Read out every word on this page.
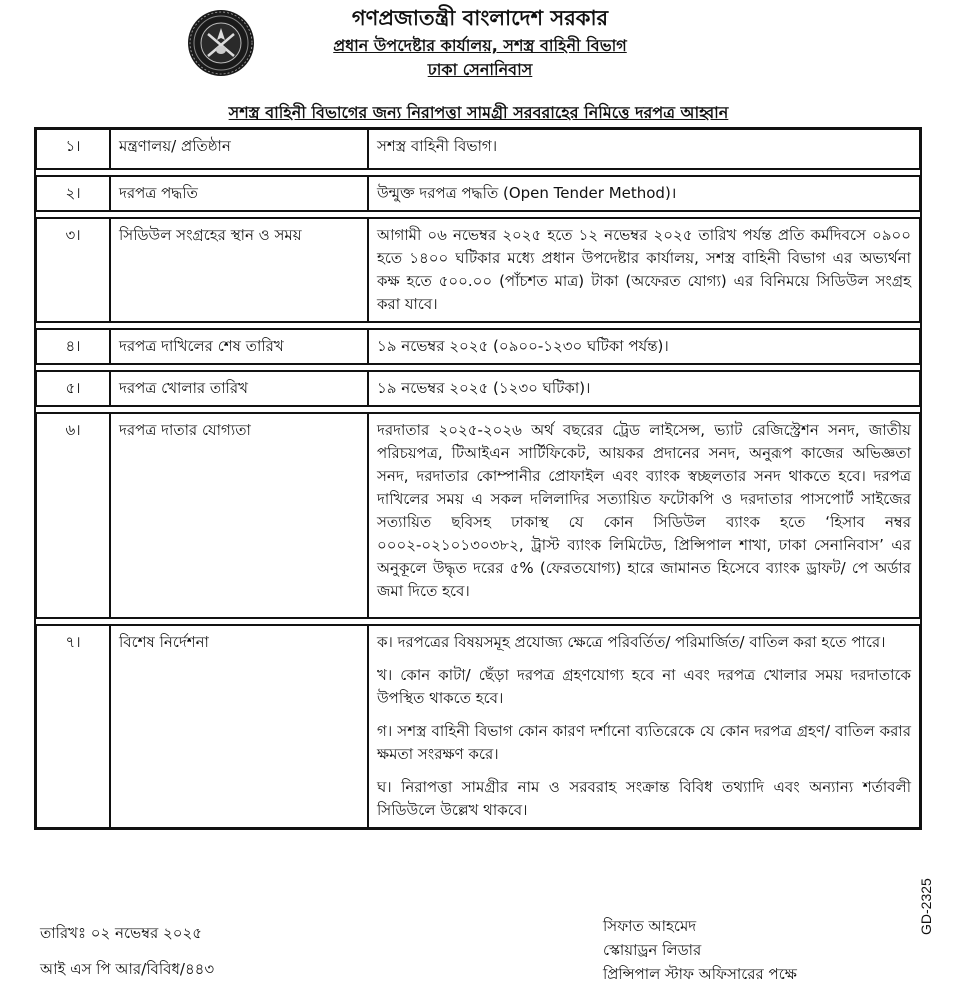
গণপ্রজাতন্ত্রী বাংলাদেশ সরকার
প্রধান উপদেষ্টার কার্যালয়, সশস্ত্র বাহিনী বিভাগ
ঢাকা সেনানিবাস
সশস্ত্র বাহিনী বিভাগের জন্য নিরাপত্তা সামগ্রী সরবরাহের নিমিত্তে দরপত্র আহ্বান
১।	মন্ত্রণালয়/ প্রতিষ্ঠান	সশস্ত্র বাহিনী বিভাগ।

২।	দরপত্র পদ্ধতি	উন্মুক্ত দরপত্র পদ্ধতি (Open Tender Method)।

৩।	সিডিউল সংগ্রহের স্থান ও সময়	আগামী ০৬ নভেম্বর ২০২৫ হতে ১২ নভেম্বর ২০২৫ তারিখ পর্যন্ত প্রতি কর্মদিবসে ০৯০০ হতে ১৪০০ ঘটিকার মধ্যে প্রধান উপদেষ্টার কার্যালয়, সশস্ত্র বাহিনী বিভাগ এর অভ্যর্থনা কক্ষ হতে ৫০০.০০ (পাঁচশত মাত্র) টাকা (অফেরত যোগ্য) এর বিনিময়ে সিডিউল সংগ্রহ করা যাবে।

৪।	দরপত্র দাখিলের শেষ তারিখ	১৯ নভেম্বর ২০২৫ (০৯০০-১২৩০ ঘটিকা পর্যন্ত)।

৫।	দরপত্র খোলার তারিখ	১৯ নভেম্বর ২০২৫ (১২৩০ ঘটিকা)।

৬।	দরপত্র দাতার যোগ্যতা	দরদাতার ২০২৫-২০২৬ অর্থ বছরের ট্রেড লাইসেন্স, ভ্যাট রেজিস্ট্রেশন সনদ, জাতীয় পরিচয়পত্র, টিআইএন সার্টিফিকেট, আয়কর প্রদানের সনদ, অনুরূপ কাজের অভিজ্ঞতা সনদ, দরদাতার কোম্পানীর প্রোফাইল এবং ব্যাংক স্বচ্ছলতার সনদ থাকতে হবে। দরপত্র দাখিলের সময় এ সকল দলিলাদির সত্যায়িত ফটোকপি ও দরদাতার পাসপোর্ট সাইজের সত্যায়িত ছবিসহ ঢাকাস্থ যে কোন সিডিউল ব্যাংক হতে ‘হিসাব নম্বর ০০০২-০২১০১৩০৩৮২, ট্রাস্ট ব্যাংক লিমিটেড, প্রিন্সিপাল শাখা, ঢাকা সেনানিবাস’ এর অনুকূলে উদ্ধৃত দরের ৫% (ফেরতযোগ্য) হারে জামানত হিসেবে ব্যাংক ড্রাফট/ পে অর্ডার জমা দিতে হবে।

৭।	বিশেষ নির্দেশনা	ক। দরপত্রের বিষয়সমূহ প্রযোজ্য ক্ষেত্রে পরিবর্তিত/ পরিমার্জিত/ বাতিল করা হতে পারে।

খ। কোন কাটা/ ছেঁড়া দরপত্র গ্রহণযোগ্য হবে না এবং দরপত্র খোলার সময় দরদাতাকে উপস্থিত থাকতে হবে।

গ। সশস্ত্র বাহিনী বিভাগ কোন কারণ দর্শানো ব্যতিরেকে যে কোন দরপত্র গ্রহণ/ বাতিল করার ক্ষমতা সংরক্ষণ করে।

ঘ। নিরাপত্তা সামগ্রীর নাম ও সরবরাহ সংক্রান্ত বিবিধ তথ্যাদি এবং অন্যান্য শর্তাবলী সিডিউলে উল্লেখ থাকবে।

তারিখঃ ০২ নভেম্বর ২০২৫
আই এস পি আর/বিবিধ/৪৪৩
সিফাত আহমেদ
স্কোয়াড্রন লিডার
প্রিন্সিপাল স্টাফ অফিসারের পক্ষে
GD-2325
